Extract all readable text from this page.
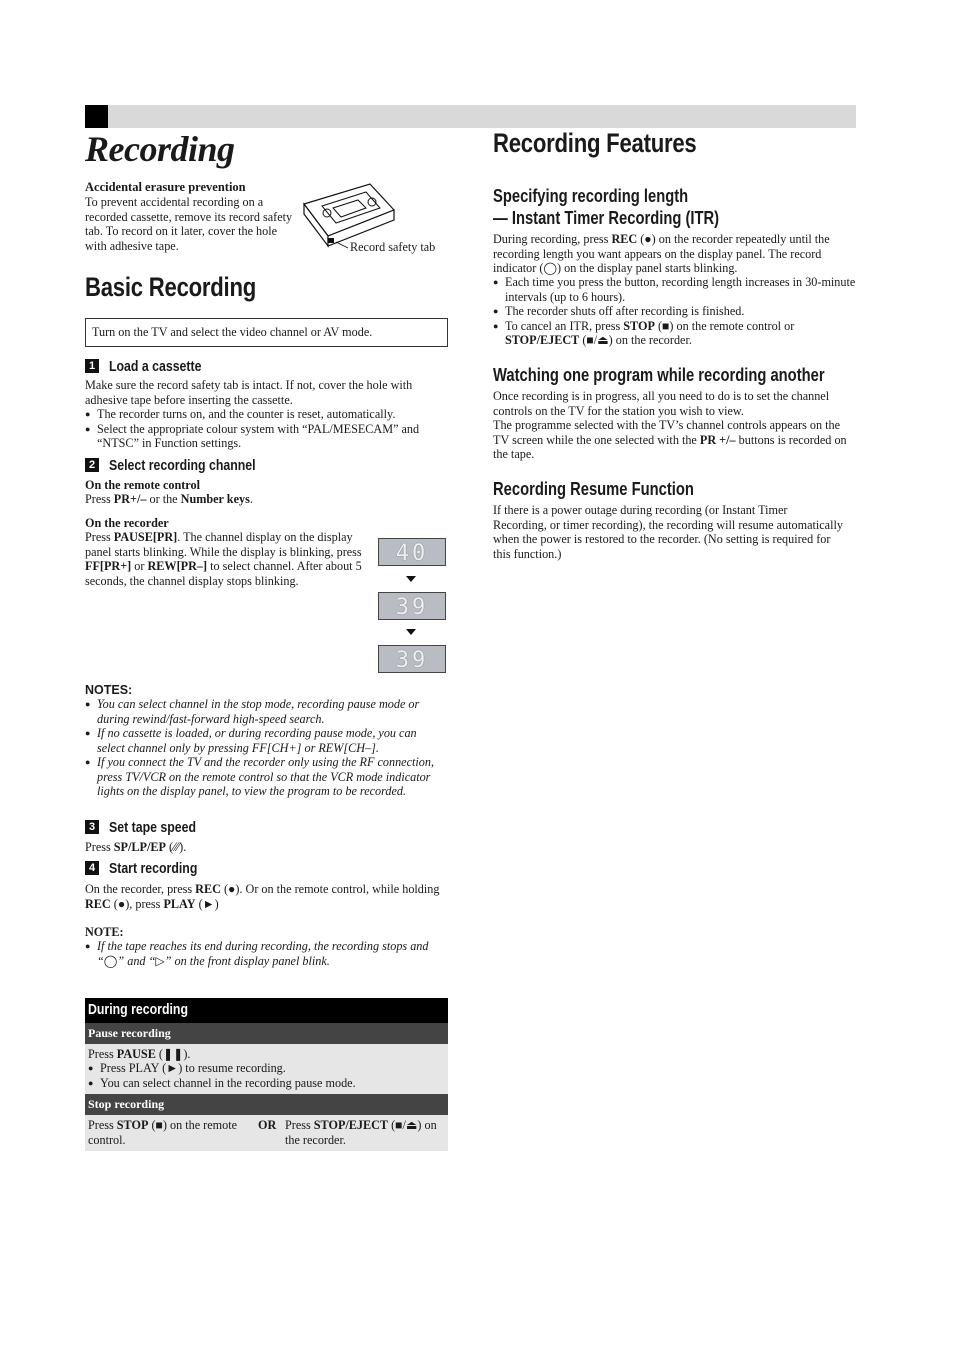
Recording
Accidental erasure prevention
To prevent accidental recording on a recorded cassette, remove its record safety tab. To record on it later, cover the hole with adhesive tape.	Record safety tab
Basic Recording
Turn on the TV and select the video channel or AV mode.
1 Load a cassette
Make sure the record safety tab is intact. If not, cover the hole with adhesive tape before inserting the cassette.
● The recorder turns on, and the counter is reset, automatically.
● Select the appropriate colour system with “PAL/MESECAM” and “NTSC” in Function settings.
2 Select recording channel
On the remote control
Press PR+/– or the Number keys.
On the recorder
Press PAUSE[PR]. The channel display on the display panel starts blinking. While the display is blinking, press FF[PR+] or REW[PR–] to select channel. After about 5 seconds, the channel display stops blinking.
40
39
39
NOTES:
● You can select channel in the stop mode, recording pause mode or during rewind/fast-forward high-speed search.
● If no cassette is loaded, or during recording pause mode, you can select channel only by pressing FF[CH+] or REW[CH–].
● If you connect the TV and the recorder only using the RF connection, press TV/VCR on the remote control so that the VCR mode indicator lights on the display panel, to view the program to be recorded.
3 Set tape speed
Press SP/LP/EP (⁄⁄⁄).
4 Start recording
On the recorder, press REC (●). Or on the remote control, while holding REC (●), press PLAY (►)
NOTE:
● If the tape reaches its end during recording, the recording stops and “◯” and “▷” on the front display panel blink.
During recording
Pause recording
Press PAUSE (❚❚).
● Press PLAY (►) to resume recording.
● You can select channel in the recording pause mode.
Stop recording
Press STOP (■) on the remote control.
OR Press STOP/EJECT (■/⏏) on the recorder.
Recording Features
Specifying recording length
— Instant Timer Recording (ITR)
During recording, press REC (●) on the recorder repeatedly until the recording length you want appears on the display panel. The record indicator (◯) on the display panel starts blinking.
● Each time you press the button, recording length increases in 30-minute intervals (up to 6 hours).
● The recorder shuts off after recording is finished.
● To cancel an ITR, press STOP (■) on the remote control or STOP/EJECT (■/⏏) on the recorder.
Watching one program while recording another
Once recording is in progress, all you need to do is to set the channel controls on the TV for the station you wish to view.
The programme selected with the TV’s channel controls appears on the TV screen while the one selected with the PR +/– buttons is recorded on the tape.
Recording Resume Function
If there is a power outage during recording (or Instant Timer Recording, or timer recording), the recording will resume automatically when the power is restored to the recorder. (No setting is required for this function.)
